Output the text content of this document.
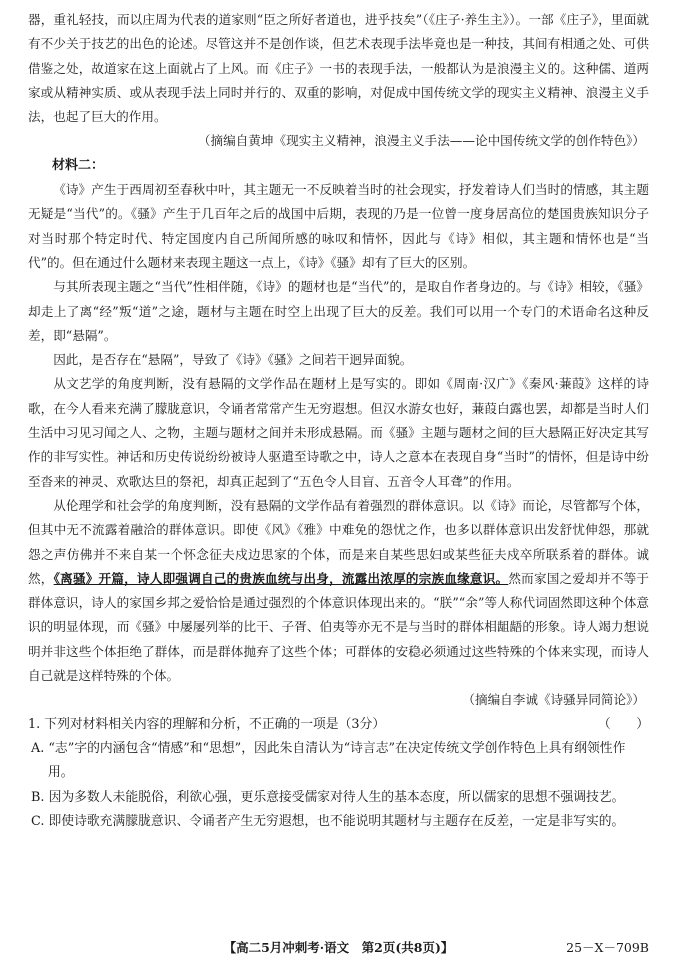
器，重礼轻技，而以庄周为代表的道家则“臣之所好者道也，进乎技矣”（《庄子·养生主》）。一部《庄子》，里面就有不少关于技艺的出色的论述。尽管这并不是创作谈，但艺术表现手法毕竟也是一种技，其间有相通之处、可供借鉴之处，故道家在这上面就占了上风。而《庄子》一书的表现手法，一般都认为是浪漫主义的。这种儒、道两家或从精神实质、或从表现手法上同时并行的、双重的影响，对促成中国传统文学的现实主义精神、浪漫主义手法，也起了巨大的作用。

（摘编自黄坤《现实主义精神，浪漫主义手法——论中国传统文学的创作特色》）

材料二：

《诗》产生于西周初至春秋中叶，其主题无一不反映着当时的社会现实，抒发着诗人们当时的情感，其主题无疑是“当代”的。《骚》产生于几百年之后的战国中后期，表现的乃是一位曾一度身居高位的楚国贵族知识分子对当时那个特定时代、特定国度内自己所闻所感的咏叹和情怀，因此与《诗》相似，其主题和情怀也是“当代”的。但在通过什么题材来表现主题这一点上，《诗》《骚》却有了巨大的区别。

与其所表现主题之“当代”性相伴随，《诗》的题材也是“当代”的，是取自作者身边的。与《诗》相较，《骚》却走上了离“经”叛“道”之途，题材与主题在时空上出现了巨大的反差。我们可以用一个专门的术语命名这种反差，即“悬隔”。

因此，是否存在“悬隔”，导致了《诗》《骚》之间若干迥异面貌。

从文艺学的角度判断，没有悬隔的文学作品在题材上是写实的。即如《周南·汉广》《秦风·蒹葭》这样的诗歌，在今人看来充满了朦胧意识，令诵者常常产生无穷遐想。但汉水游女也好，蒹葭白露也罢，却都是当时人们生活中习见习闻之人、之物，主题与题材之间并未形成悬隔。而《骚》主题与题材之间的巨大悬隔正好决定其写作的非写实性。神话和历史传说纷纷被诗人驱遣至诗歌之中，诗人之意本在表现自身“当时”的情怀，但是诗中纷至沓来的神灵、欢歌达旦的祭祀，却真正起到了“五色令人目盲、五音令人耳聋”的作用。

从伦理学和社会学的角度判断，没有悬隔的文学作品有着强烈的群体意识。以《诗》而论，尽管都写个体，但其中无不流露着融洽的群体意识。即使《风》《雅》中难免的怨忧之作，也多以群体意识出发舒忧伸怨，那就怨之声仿佛并不来自某一个怀念征夫戍边思家的个体，而是来自某些思妇或某些征夫戍卒所联系着的群体。诚然，《离骚》开篇，诗人即强调自己的贵族血统与出身，流露出浓厚的宗族血缘意识。然而家国之爱却并不等于群体意识，诗人的家国乡邦之爱恰恰是通过强烈的个体意识体现出来的。“朕”“余”等人称代词固然即这种个体意识的明显体现，而《骚》中屡屡列举的比干、子胥、伯夷等亦无不是与当时的群体相龃龉的形象。诗人竭力想说明并非这些个体拒绝了群体，而是群体抛弃了这些个体；可群体的安稳必须通过这些特殊的个体来实现，而诗人自己就是这样特殊的个体。

（摘编自李诚《诗骚异同简论》）

1. 下列对材料相关内容的理解和分析，不正确的一项是（3分）	（　　）

A. “志”字的内涵包含“情感”和“思想”，因此朱自清认为“诗言志”在决定传统文学创作特色上具有纲领性作用。

B. 因为多数人未能脱俗，利欲心强，更乐意接受儒家对待人生的基本态度，所以儒家的思想不强调技艺。

C. 即使诗歌充满朦胧意识、令诵者产生无穷遐想，也不能说明其题材与主题存在反差，一定是非写实的。

【高二5月冲刺考·语文　第2页(共8页)】	25－X－709B
